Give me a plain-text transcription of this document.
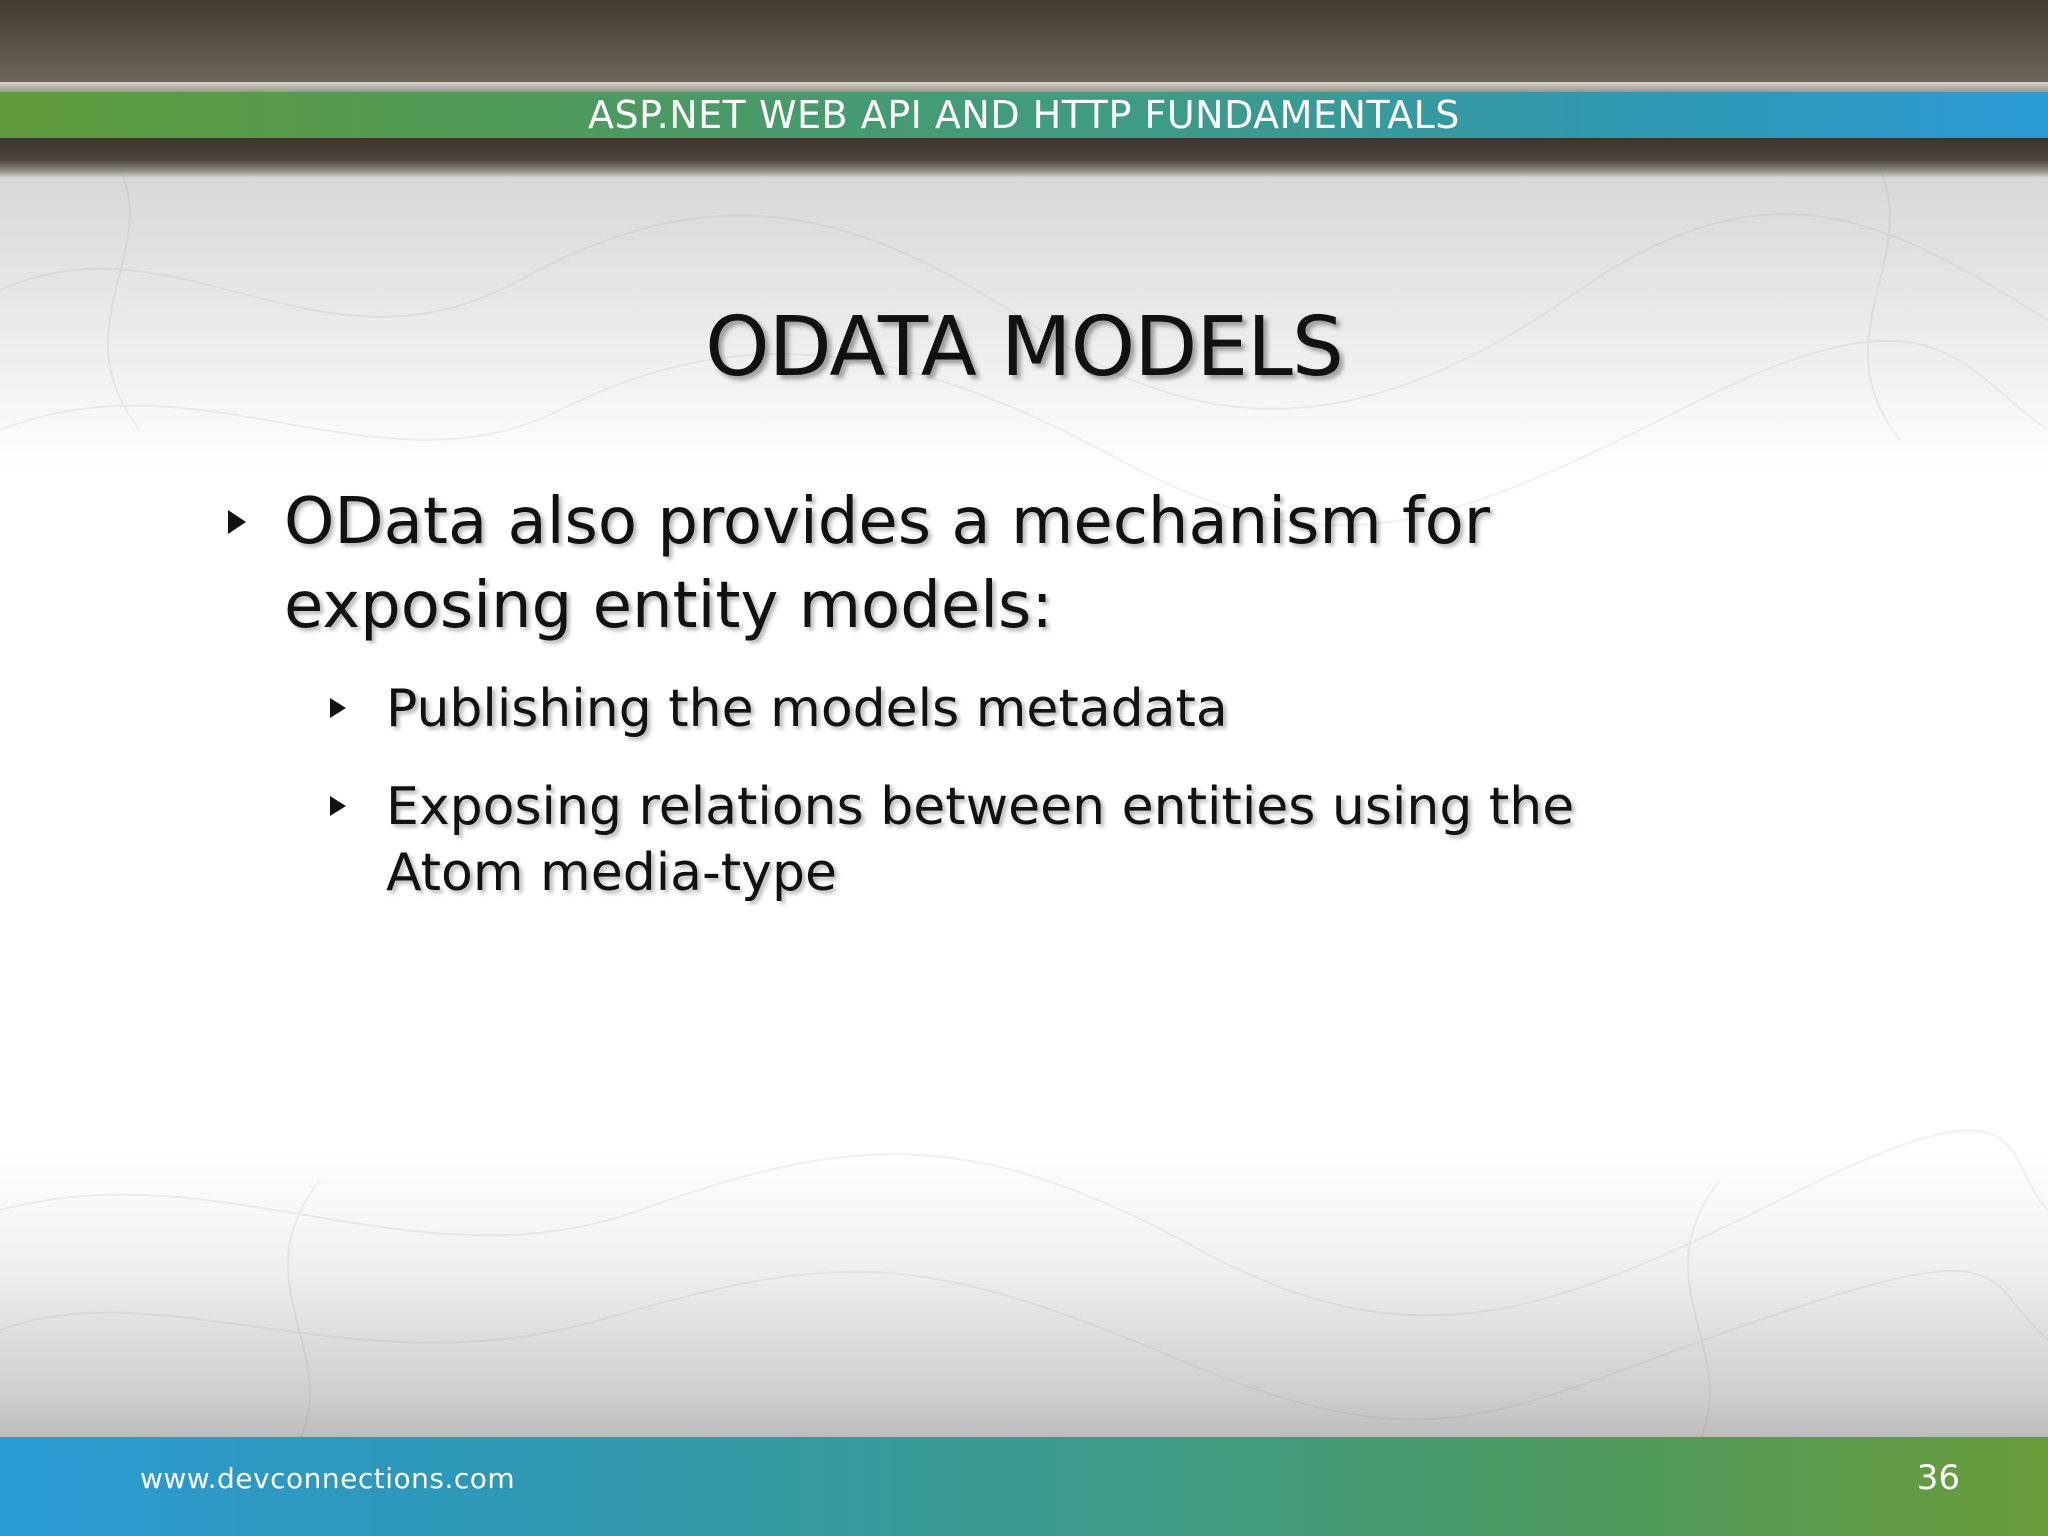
ASP.NET WEB API AND HTTP FUNDAMENTALS
ODATA MODELS
OData also provides a mechanism for
exposing entity models:
Publishing the models metadata
Exposing relations between entities using the
Atom media-type
www.devconnections.com	36
